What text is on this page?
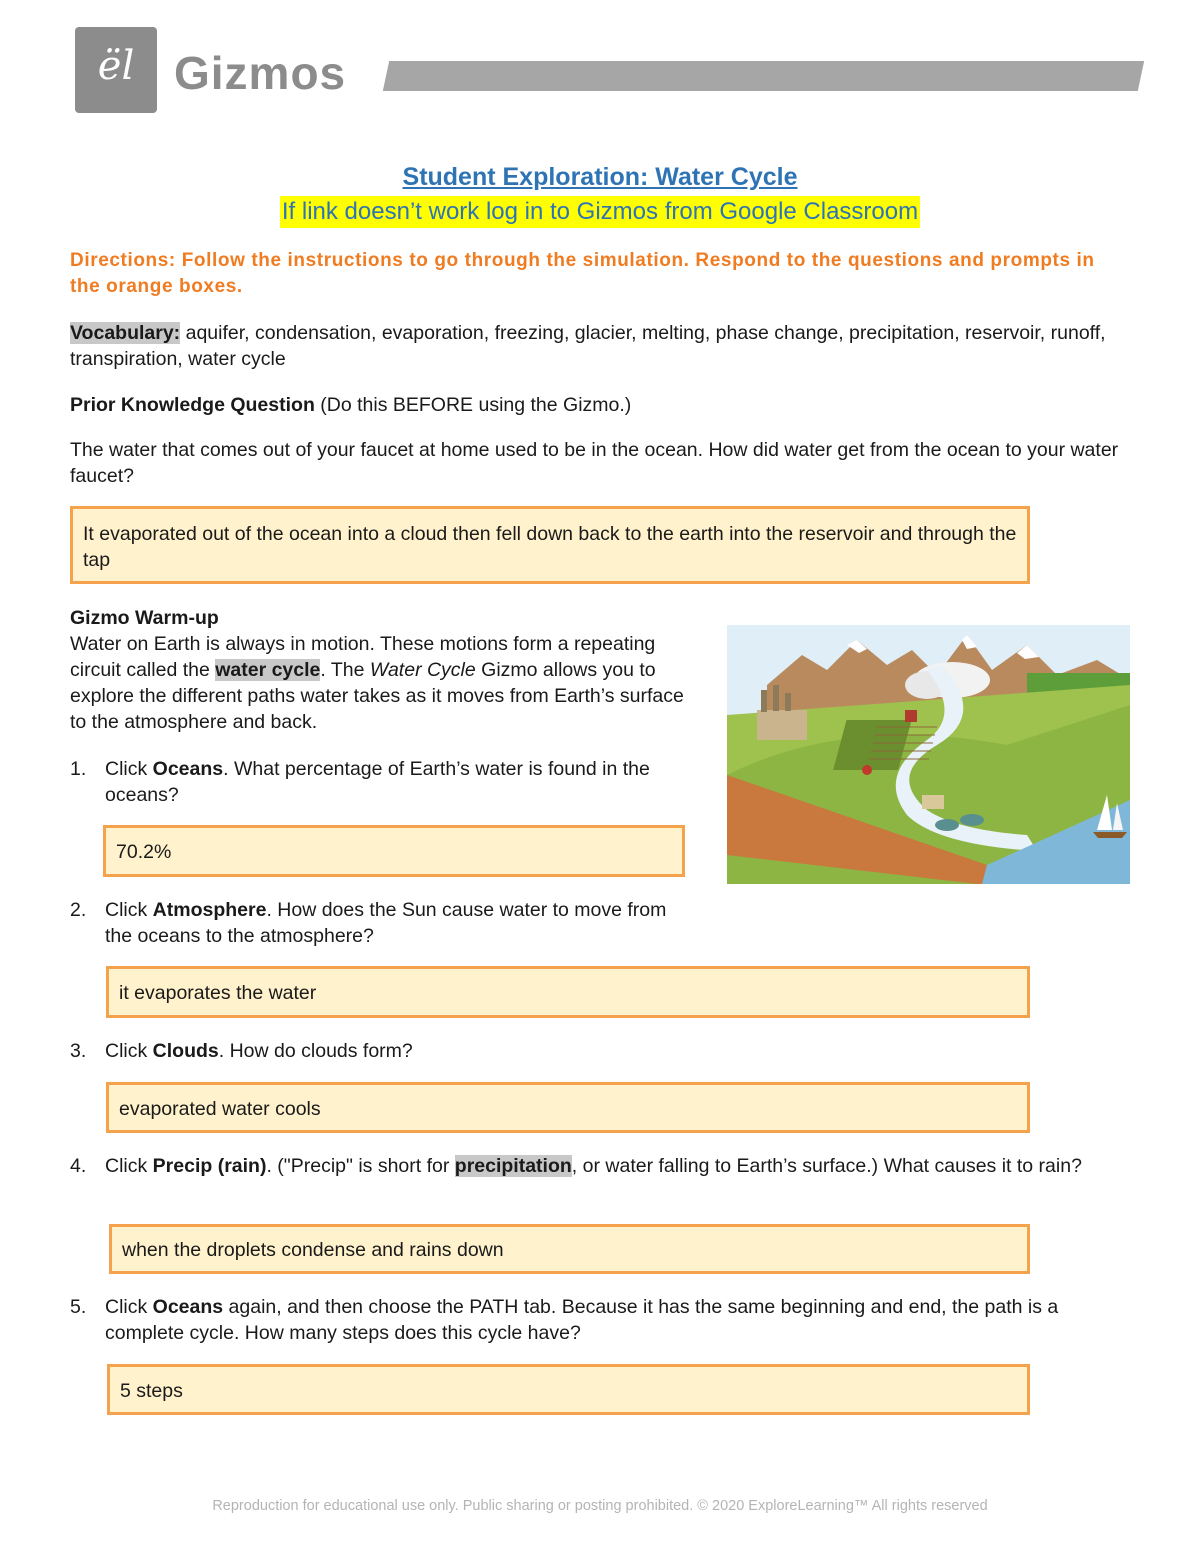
ël Gizmos
Student Exploration: Water Cycle
If link doesn’t work log in to Gizmos from Google Classroom
Directions: Follow the instructions to go through the simulation. Respond to the questions and prompts in the orange boxes.
Vocabulary: aquifer, condensation, evaporation, freezing, glacier, melting, phase change, precipitation, reservoir, runoff, transpiration, water cycle
Prior Knowledge Question (Do this BEFORE using the Gizmo.)
The water that comes out of your faucet at home used to be in the ocean. How did water get from the ocean to your water faucet?
It evaporated out of the ocean into a cloud then fell down back to the earth into the reservoir and through the tap
Gizmo Warm-up
Water on Earth is always in motion. These motions form a repeating circuit called the water cycle. The Water Cycle Gizmo allows you to explore the different paths water takes as it moves from Earth’s surface to the atmosphere and back.
1. Click Oceans. What percentage of Earth’s water is found in the oceans?
70.2%
2. Click Atmosphere. How does the Sun cause water to move from the oceans to the atmosphere?
it evaporates the water
3. Click Clouds. How do clouds form?
evaporated water cools
4. Click Precip (rain). ("Precip" is short for precipitation, or water falling to Earth’s surface.) What causes it to rain?
when the droplets condense and rains down
5. Click Oceans again, and then choose the PATH tab. Because it has the same beginning and end, the path is a complete cycle. How many steps does this cycle have?
5 steps
Reproduction for educational use only. Public sharing or posting prohibited. © 2020 ExploreLearning™ All rights reserved
